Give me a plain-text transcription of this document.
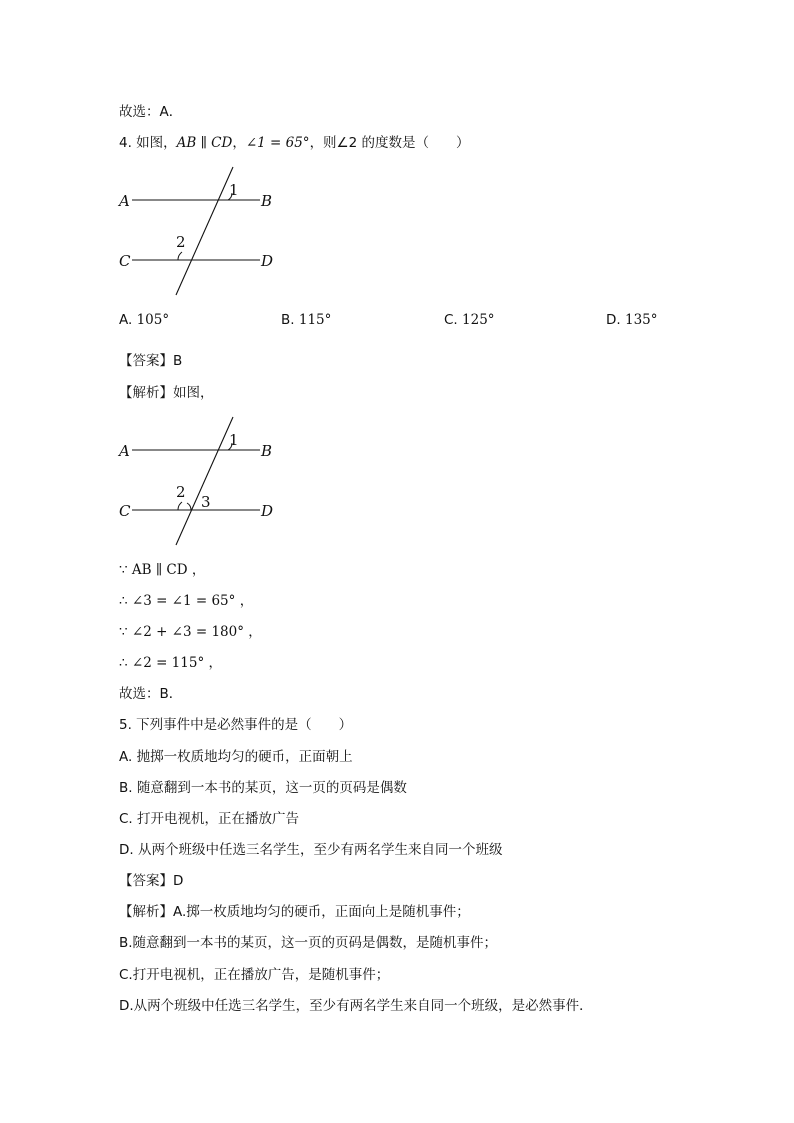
故选：A．
4. 如图，AB ∥ CD，∠1 = 65°，则∠2 的度数是（　　）
A	B
C	D
1
2
A. 105°	B. 115°	C. 125°	D. 135°
【答案】B
【解析】如图，
A	B
C	D
1
2
3
∵ AB ∥ CD ，
∴ ∠3 = ∠1 = 65° ，
∵ ∠2 + ∠3 = 180° ，
∴ ∠2 = 115° ，
故选：B．
5. 下列事件中是必然事件的是（　　）
A. 抛掷一枚质地均匀的硬币，正面朝上
B. 随意翻到一本书的某页，这一页的页码是偶数
C. 打开电视机，正在播放广告
D. 从两个班级中任选三名学生，至少有两名学生来自同一个班级
【答案】D
【解析】A.掷一枚质地均匀的硬币，正面向上是随机事件；
B.随意翻到一本书的某页，这一页的页码是偶数，是随机事件；
C.打开电视机，正在播放广告，是随机事件；
D.从两个班级中任选三名学生，至少有两名学生来自同一个班级，是必然事件．
